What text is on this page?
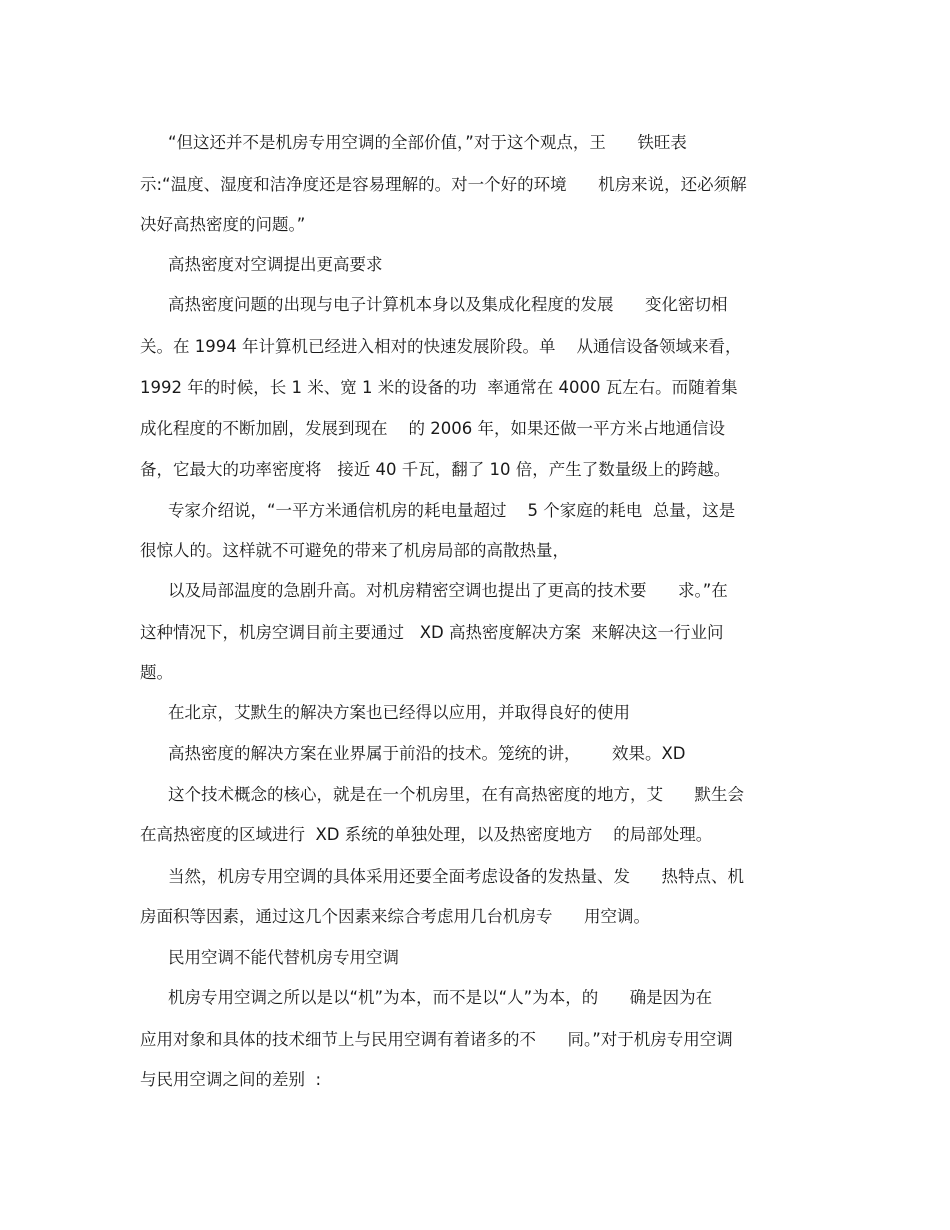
“但这还并不是机房专用空调的全部价值，”对于这个观点，王      铁旺表
示:“温度、湿度和洁净度还是容易理解的。对一个好的环境      机房来说，还必须解
决好高热密度的问题。”
高热密度对空调提出更高要求
高热密度问题的出现与电子计算机本身以及集成化程度的发展      变化密切相
关。在 1994 年计算机已经进入相对的快速发展阶段。单    从通信设备领域来看，
1992 年的时候，长 1 米、宽 1 米的设备的功  率通常在 4000 瓦左右。而随着集
成化程度的不断加剧，发展到现在    的 2006 年，如果还做一平方米占地通信设
备，它最大的功率密度将   接近 40 千瓦，翻了 10 倍，产生了数量级上的跨越。
专家介绍说，“一平方米通信机房的耗电量超过    5 个家庭的耗电  总量，这是
很惊人的。这样就不可避免的带来了机房局部的高散热量，
以及局部温度的急剧升高。对机房精密空调也提出了更高的技术要      求。”在
这种情况下，机房空调目前主要通过   XD 高热密度解决方案  来解决这一行业问
题。
在北京，艾默生的解决方案也已经得以应用，并取得良好的使用
高热密度的解决方案在业界属于前沿的技术。笼统的讲，      效果。XD
这个技术概念的核心，就是在一个机房里，在有高热密度的地方，艾      默生会
在高热密度的区域进行  XD 系统的单独处理，以及热密度地方    的局部处理。
当然，机房专用空调的具体采用还要全面考虑设备的发热量、发      热特点、机
房面积等因素，通过这几个因素来综合考虑用几台机房专      用空调。
民用空调不能代替机房专用空调
机房专用空调之所以是以“机”为本，而不是以“人”为本，的      确是因为在
应用对象和具体的技术细节上与民用空调有着诸多的不      同。”对于机房专用空调
与民用空调之间的差别  :
